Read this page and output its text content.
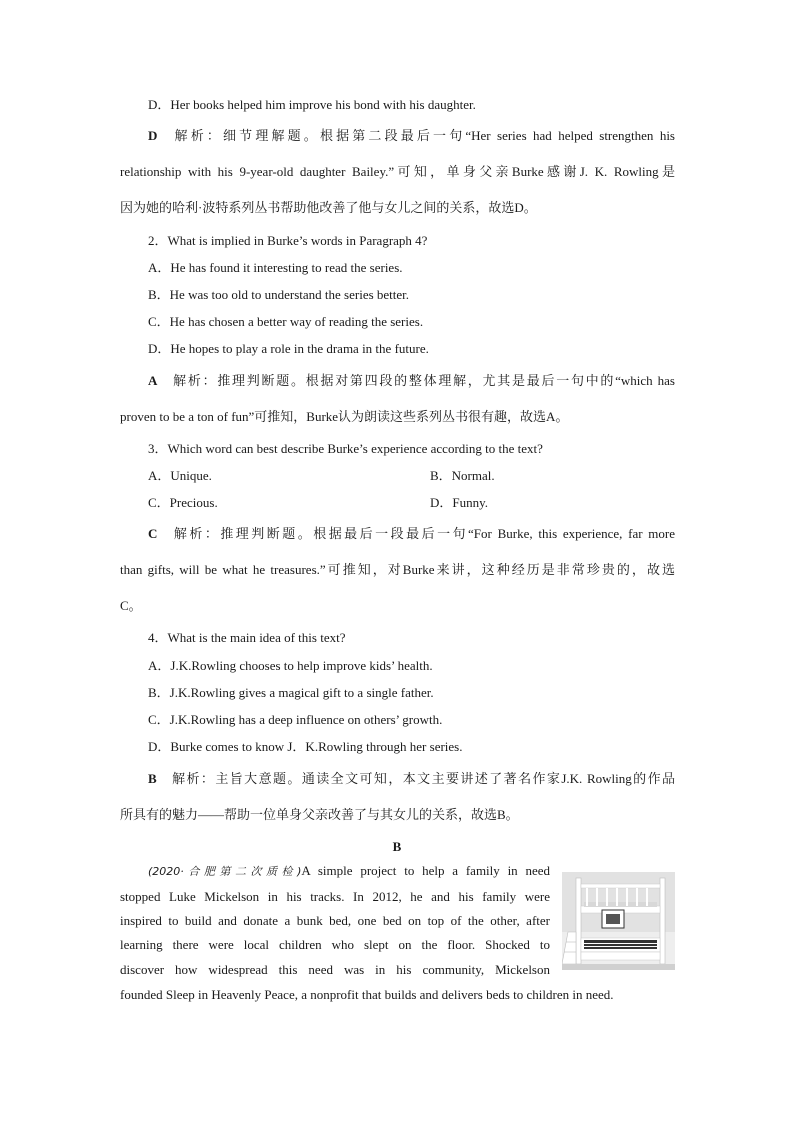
D．Her books helped him improve his bond with his daughter.
D 解析：细节理解题。根据第二段最后一句“Her series had helped strengthen his
relationship with his 9-year-old daughter Bailey.”可知，单身父亲Burke感谢J. K. Rowling是
因为她的哈利·波特系列丛书帮助他改善了他与女儿之间的关系，故选D。
2．What is implied in Burke’s words in Paragraph 4?
A．He has found it interesting to read the series.
B．He was too old to understand the series better.
C．He has chosen a better way of reading the series.
D．He hopes to play a role in the drama in the future.
A 解析：推理判断题。根据对第四段的整体理解，尤其是最后一句中的“which has
proven to be a ton of fun”可推知，Burke认为朗读这些系列丛书很有趣，故选A。
3．Which word can best describe Burke’s experience according to the text?
A．Unique.	B．Normal.
C．Precious.	D．Funny.
C 解析：推理判断题。根据最后一段最后一句“For Burke, this experience, far more
than gifts, will be what he treasures.”可推知，对Burke来讲，这种经历是非常珍贵的，故选
C。
4．What is the main idea of this text?
A．J.K.Rowling chooses to help improve kids’ health.
B．J.K.Rowling gives a magical gift to a single father.
C．J.K.Rowling has a deep influence on others’ growth.
D．Burke comes to know J．K.Rowling through her series.
B 解析：主旨大意题。通读全文可知，本文主要讲述了著名作家J.K. Rowling的作品
所具有的魅力——帮助一位单身父亲改善了与其女儿的关系，故选B。
B
(2020·合肥第二次质检)A simple project to help a family in need
stopped Luke Mickelson in his tracks. In 2012, he and his family were
inspired to build and donate a bunk bed, one bed on top of the other, after
learning there were local children who slept on the floor. Shocked to
discover how widespread this need was in his community, Mickelson
founded Sleep in Heavenly Peace, a nonprofit that builds and delivers beds to children in need.
